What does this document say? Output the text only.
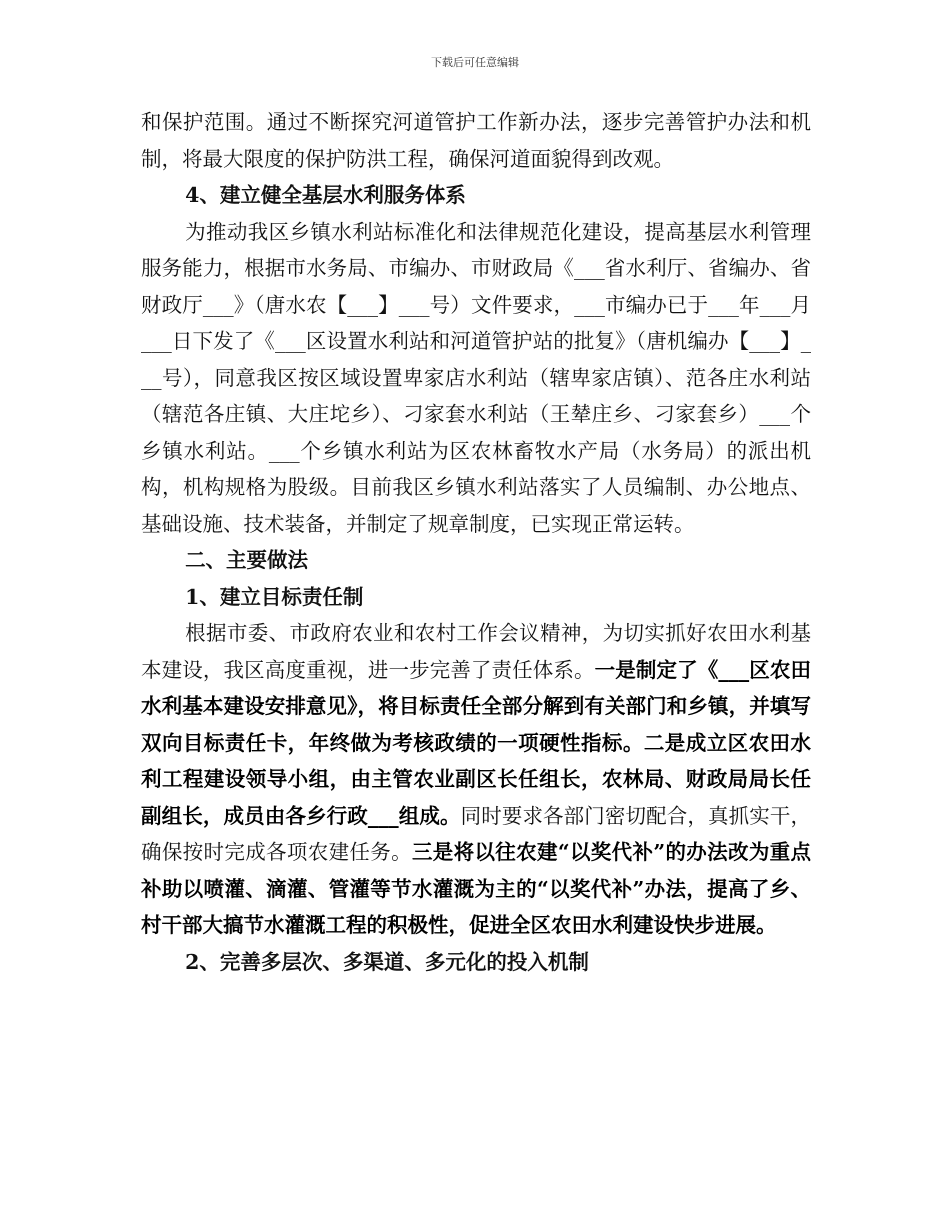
下载后可任意编辑

和保护范围。通过不断探究河道管护工作新办法，逐步完善管护办法和机制，将最大限度的保护防洪工程，确保河道面貌得到改观。

4、建立健全基层水利服务体系

为推动我区乡镇水利站标准化和法律规范化建设，提高基层水利管理服务能力，根据市水务局、市编办、市财政局《___省水利厅、省编办、省财政厅___》（唐水农【___】___号）文件要求，___市编办已于___年___月___日下发了《___区设置水利站和河道管护站的批复》（唐机编办【___】___号），同意我区按区域设置卑家店水利站（辖卑家店镇）、范各庄水利站（辖范各庄镇、大庄坨乡）、刁家套水利站（王辇庄乡、刁家套乡）___个乡镇水利站。___个乡镇水利站为区农林畜牧水产局（水务局）的派出机构，机构规格为股级。目前我区乡镇水利站落实了人员编制、办公地点、基础设施、技术装备，并制定了规章制度，已实现正常运转。

二、主要做法

1、建立目标责任制

根据市委、市政府农业和农村工作会议精神，为切实抓好农田水利基本建设，我区高度重视，进一步完善了责任体系。一是制定了《___区农田水利基本建设安排意见》，将目标责任全部分解到有关部门和乡镇，并填写双向目标责任卡，年终做为考核政绩的一项硬性指标。二是成立区农田水利工程建设领导小组，由主管农业副区长任组长，农林局、财政局局长任副组长，成员由各乡行政___组成。同时要求各部门密切配合，真抓实干，确保按时完成各项农建任务。三是将以往农建“以奖代补”的办法改为重点补助以喷灌、滴灌、管灌等节水灌溉为主的“以奖代补”办法，提高了乡、村干部大搞节水灌溉工程的积极性，促进全区农田水利建设快步进展。

2、完善多层次、多渠道、多元化的投入机制
